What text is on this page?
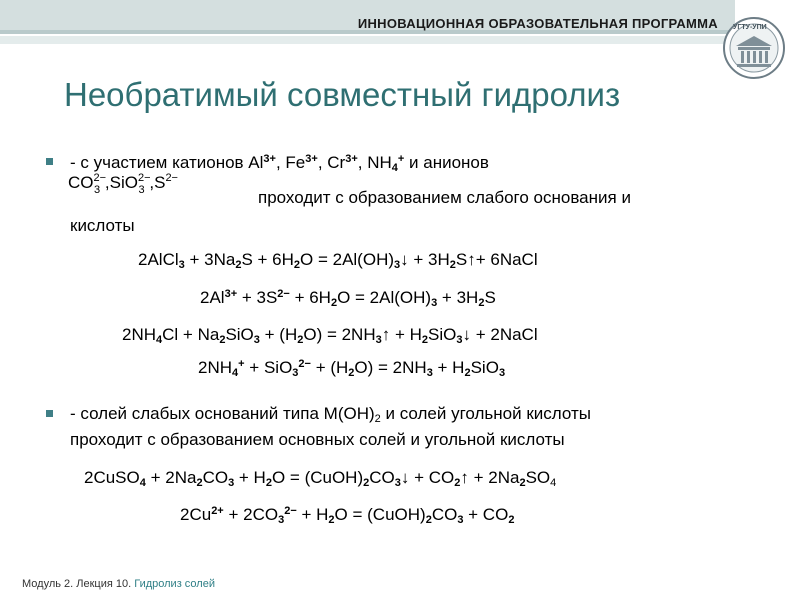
ИННОВАЦИОННАЯ ОБРАЗОВАТЕЛЬНАЯ ПРОГРАММА УГТУ-УПИ
Необратимый совместный гидролиз
- с участием катионов $Al^{3+}$, $Fe^{3+}$, $Cr^{3+}$, $NH_4^+$ и анионов
$CO^{2-}_3$ ,SiO$^{2-}_3$ $,S^{2-}$
проходит с образованием слабого основания и
кислоты
2AlCl$_3$ + $3Na_2S + 6H_2O$ = $2Al(OH)_3↓$ + $3H_2S↑+$ 6NaCl
$2Al^{3+} + 3S^{2-} + 6H_2O = 2Al(OH)_3 + 3H_2S$
$2NH_4Cl + Na_2SiO_3 + (H_2O)$ = $2NH_3↑$ + $H_2SiO_3↓$ + 2NaCl
$2NH_4^+ + SiO_3^{2-} + (H_2O) = 2NH_3 + H_2SiO_3$
- солей слабых оснований типа $M(OH)_2$ и солей угольной кислоты
проходит с образованием основных солей и угольной кислоты
2CuSO$_4$ + $2Na_2CO_3 + H_2O$ = $(CuOH)_2CO_3↓$ + $CO_2↑ + 2Na_2SO_4$
$2Cu^{2+} + 2CO_3^{2-} + H_2O$ = $(CuOH)_2CO_3 + CO_2$
Модуль 2. Лекция 10. Гидролиз солей
